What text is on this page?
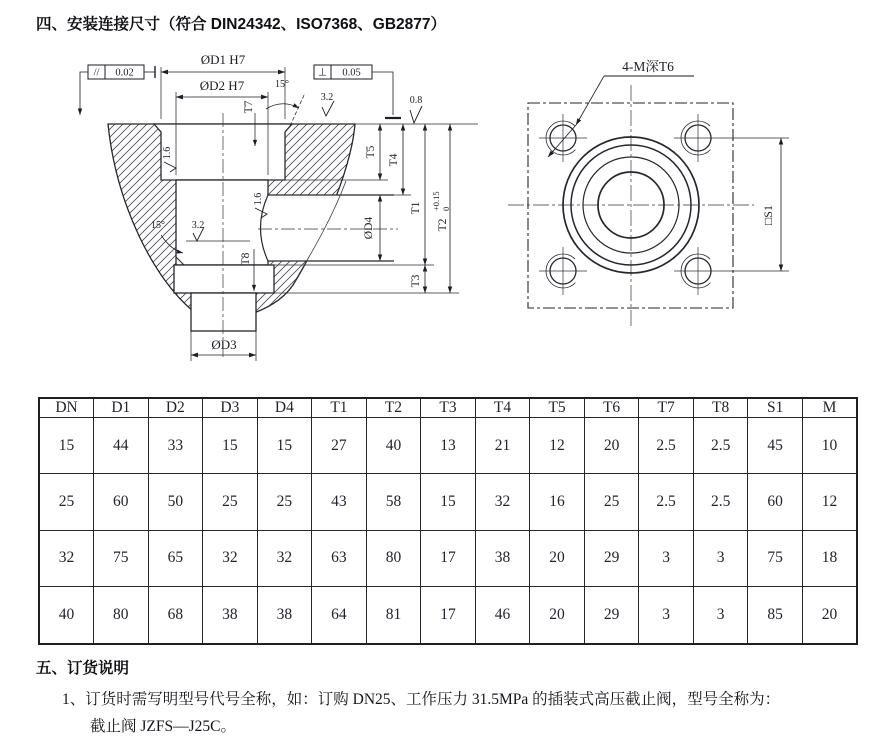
四、安装连接尺寸（符合 DIN24342、ISO7368、GB2877）
ØD1 H7
ØD2 H7
// 0.02	⊥ 0.05
15°
3.2	0.8
1.6
1.6
3.2
15°
T7
T8
T5
ØD4
T4
T1
T3
T2
+0.15 0
ØD3
4-M深T6
□S1
DN	D1	D2	D3	D4	T1	T2	T3	T4	T5	T6	T7	T8	S1	M
15	44	33	15	15	27	40	13	21	12	20	2.5	2.5	45	10
25	60	50	25	25	43	58	15	32	16	25	2.5	2.5	60	12
32	75	65	32	32	63	80	17	38	20	29	3	3	75	18
40	80	68	38	38	64	81	17	46	20	29	3	3	85	20
五、订货说明
1、订货时需写明型号代号全称，如：订购 DN25、工作压力 31.5MPa 的插装式高压截止阀，型号全称为：
截止阀 JZFS—J25C。
